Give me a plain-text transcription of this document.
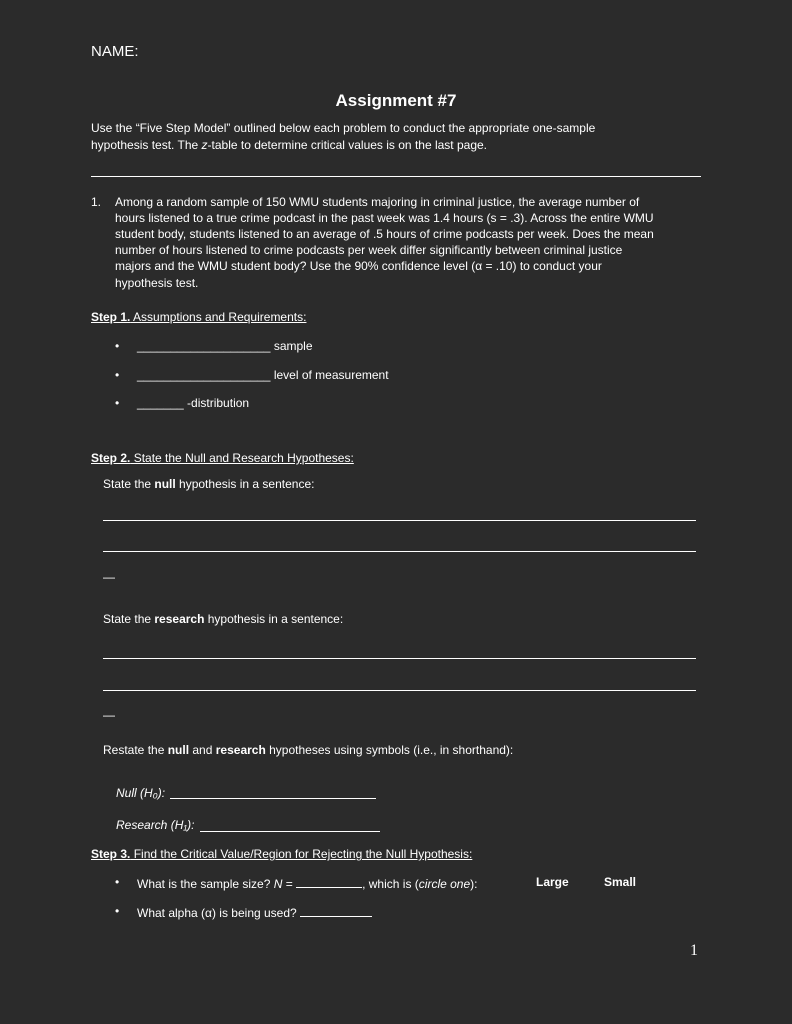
NAME:
Assignment #7
Use the “Five Step Model” outlined below each problem to conduct the appropriate one-sample
hypothesis test. The z-table to determine critical values is on the last page.
1. Among a random sample of 150 WMU students majoring in criminal justice, the average number of
hours listened to a true crime podcast in the past week was 1.4 hours (s = .3). Across the entire WMU
student body, students listened to an average of .5 hours of crime podcasts per week. Does the mean
number of hours listened to crime podcasts per week differ significantly between criminal justice
majors and the WMU student body? Use the 90% confidence level (α = .10) to conduct your
hypothesis test.
Step 1. Assumptions and Requirements:
• ____________________ sample
• ____________________ level of measurement
• _______ -distribution
Step 2. State the Null and Research Hypotheses:
State the null hypothesis in a sentence:
—
State the research hypothesis in a sentence:
—
Restate the null and research hypotheses using symbols (i.e., in shorthand):
Null (H₀):
Research (H₁):
Step 3. Find the Critical Value/Region for Rejecting the Null Hypothesis:
• What is the sample size? N =	, which is (circle one):	Large	Small
• What alpha (α) is being used?
1
